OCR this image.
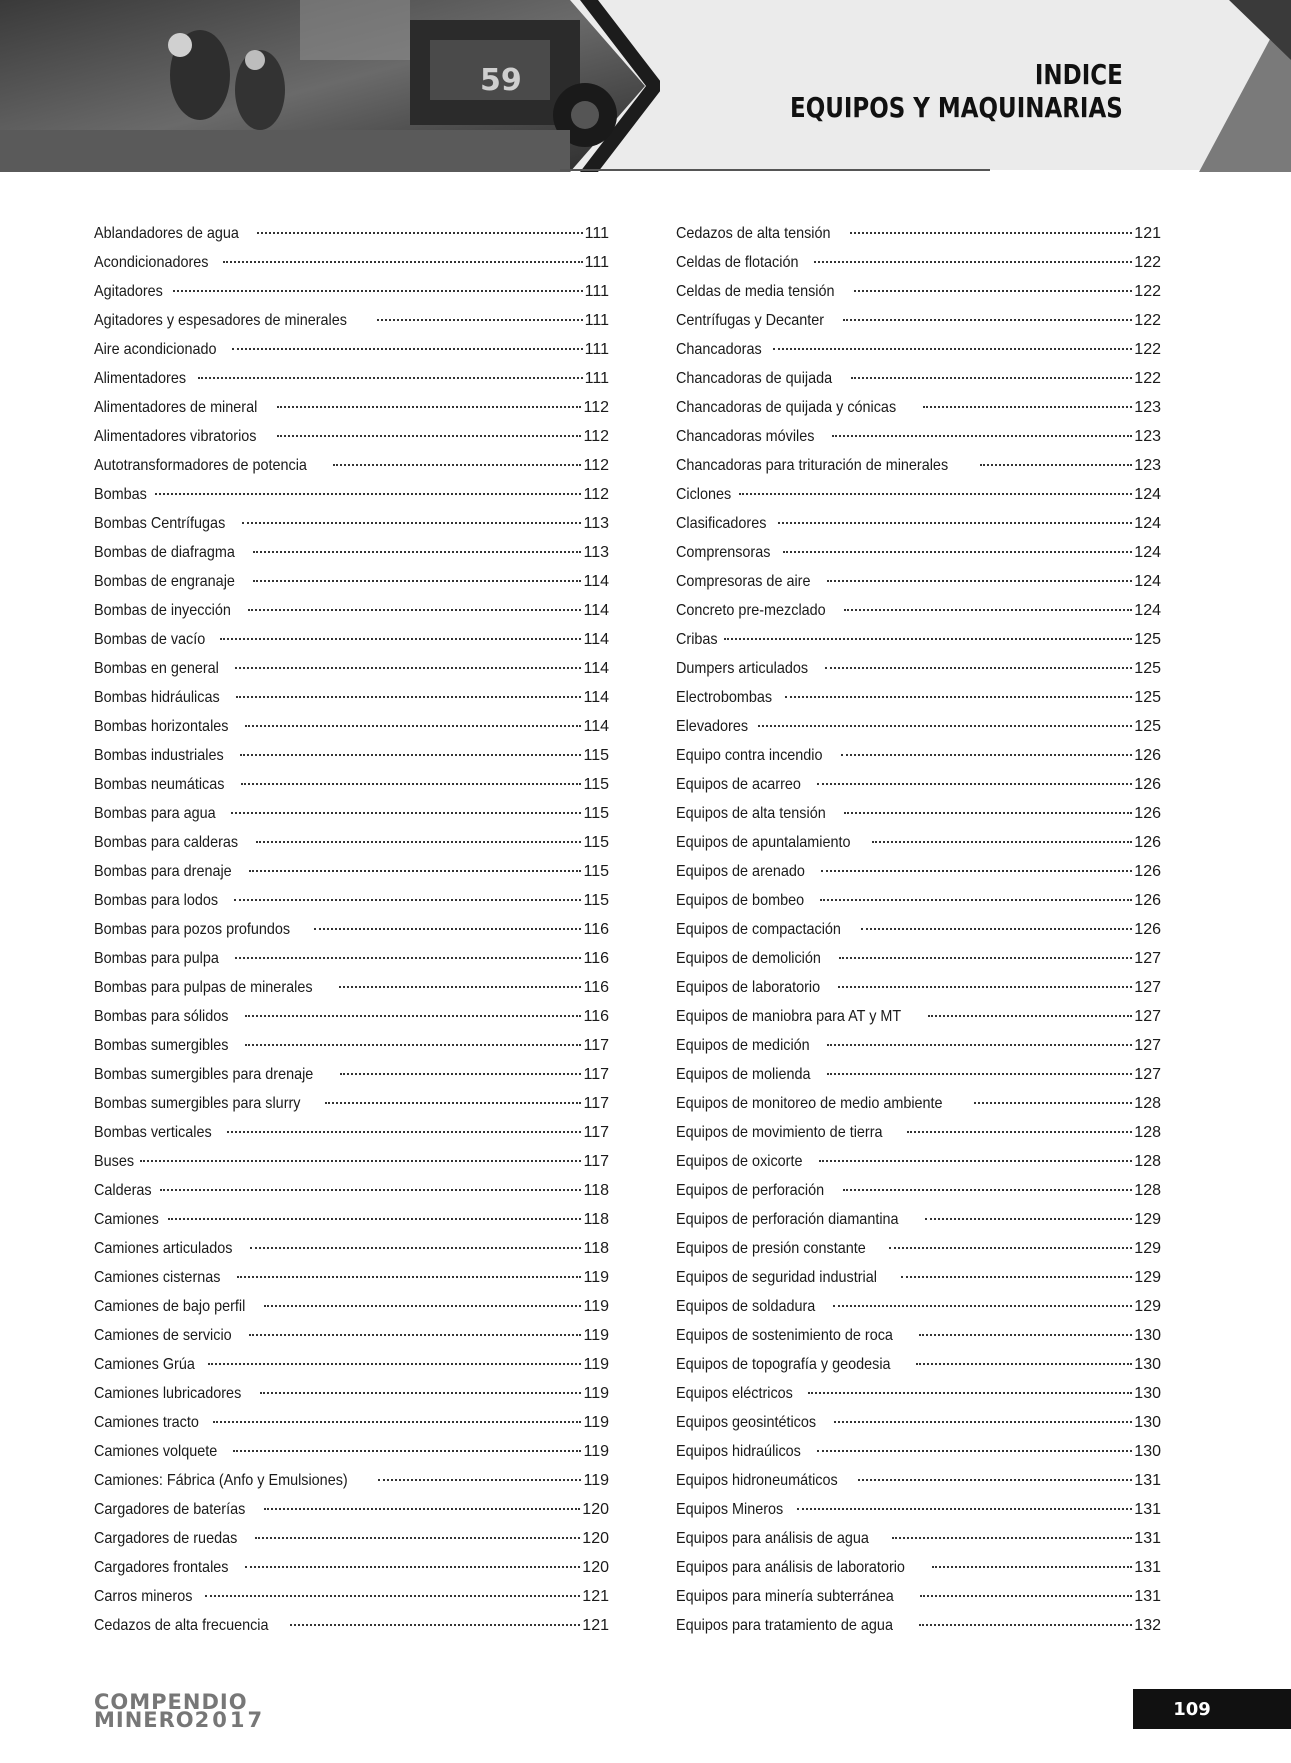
59	INDICE
EQUIPOS Y MAQUINARIAS
Ablandadores de agua	111
Acondicionadores	111
Agitadores	111
Agitadores y espesadores de minerales	111
Aire acondicionado	111
Alimentadores	111
Alimentadores de mineral	112
Alimentadores vibratorios	112
Autotransformadores de potencia	112
Bombas	112
Bombas Centrífugas	113
Bombas de diafragma	113
Bombas de engranaje	114
Bombas de inyección	114
Bombas de vacío	114
Bombas en general	114
Bombas hidráulicas	114
Bombas horizontales	114
Bombas industriales	115
Bombas neumáticas	115
Bombas para agua	115
Bombas para calderas	115
Bombas para drenaje	115
Bombas para lodos	115
Bombas para pozos profundos	116
Bombas para pulpa	116
Bombas para pulpas de minerales	116
Bombas para sólidos	116
Bombas sumergibles	117
Bombas sumergibles para drenaje	117
Bombas sumergibles para slurry	117
Bombas verticales	117
Buses	117
Calderas	118
Camiones	118
Camiones articulados	118
Camiones cisternas	119
Camiones de bajo perfil	119
Camiones de servicio	119
Camiones Grúa	119
Camiones lubricadores	119
Camiones tracto	119
Camiones volquete	119
Camiones: Fábrica (Anfo y Emulsiones)	119
Cargadores de baterías	120
Cargadores de ruedas	120
Cargadores frontales	120
Carros mineros	121
Cedazos de alta frecuencia	121
Cedazos de alta tensión	121
Celdas de flotación	122
Celdas de media tensión	122
Centrífugas y Decanter	122
Chancadoras	122
Chancadoras de quijada	122
Chancadoras de quijada y cónicas	123
Chancadoras móviles	123
Chancadoras para trituración de minerales	123
Ciclones	124
Clasificadores	124
Comprensoras	124
Compresoras de aire	124
Concreto pre-mezclado	124
Cribas	125
Dumpers articulados	125
Electrobombas	125
Elevadores	125
Equipo contra incendio	126
Equipos de acarreo	126
Equipos de alta tensión	126
Equipos de apuntalamiento	126
Equipos de arenado	126
Equipos de bombeo	126
Equipos de compactación	126
Equipos de demolición	127
Equipos de laboratorio	127
Equipos de maniobra para AT y MT	127
Equipos de medición	127
Equipos de molienda	127
Equipos de monitoreo de medio ambiente	128
Equipos de movimiento de tierra	128
Equipos de oxicorte	128
Equipos de perforación	128
Equipos de perforación diamantina	129
Equipos de presión constante	129
Equipos de seguridad industrial	129
Equipos de soldadura	129
Equipos de sostenimiento de roca	130
Equipos de topografía y geodesia	130
Equipos eléctricos	130
Equipos geosintéticos	130
Equipos hidraúlicos	130
Equipos hidroneumáticos	131
Equipos Mineros	131
Equipos para análisis de agua	131
Equipos para análisis de laboratorio	131
Equipos para minería subterránea	131
Equipos para tratamiento de agua	132
COMPENDIO
MINERO2017	109
